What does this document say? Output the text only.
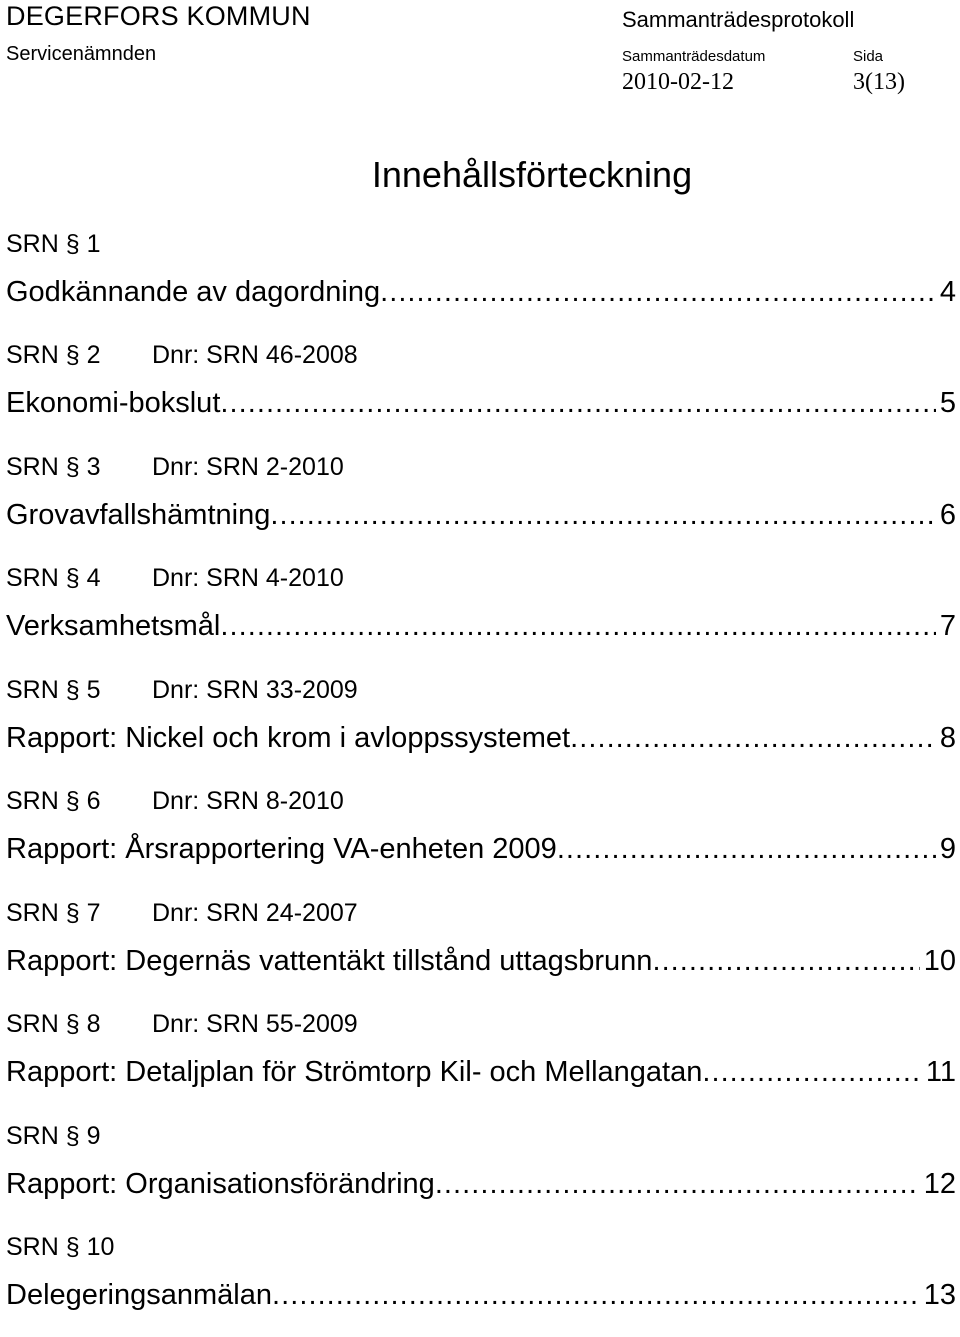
DEGERFORS KOMMUN
Servicenämnden
Sammanträdesprotokoll
Sammanträdesdatum	Sida
2010-02-12	3(13)
Innehållsförteckning
SRN § 1
Godkännande av dagordning . . .	4
SRN § 2	Dnr: SRN 46-2008
Ekonomi-bokslut . . .	5
SRN § 3	Dnr: SRN 2-2010
Grovavfallshämtning . . .	6
SRN § 4	Dnr: SRN 4-2010
Verksamhetsmål . . .	7
SRN § 5	Dnr: SRN 33-2009
Rapport: Nickel och krom i avloppssystemet . . .	8
SRN § 6	Dnr: SRN 8-2010
Rapport: Årsrapportering VA-enheten 2009 . . .	9
SRN § 7	Dnr: SRN 24-2007
Rapport: Degernäs vattentäkt tillstånd uttagsbrunn . . .	10
SRN § 8	Dnr: SRN 55-2009
Rapport: Detaljplan för Strömtorp Kil- och Mellangatan . . .	11
SRN § 9
Rapport: Organisationsförändring . . .	12
SRN § 10
Delegeringsanmälan . . .	13
